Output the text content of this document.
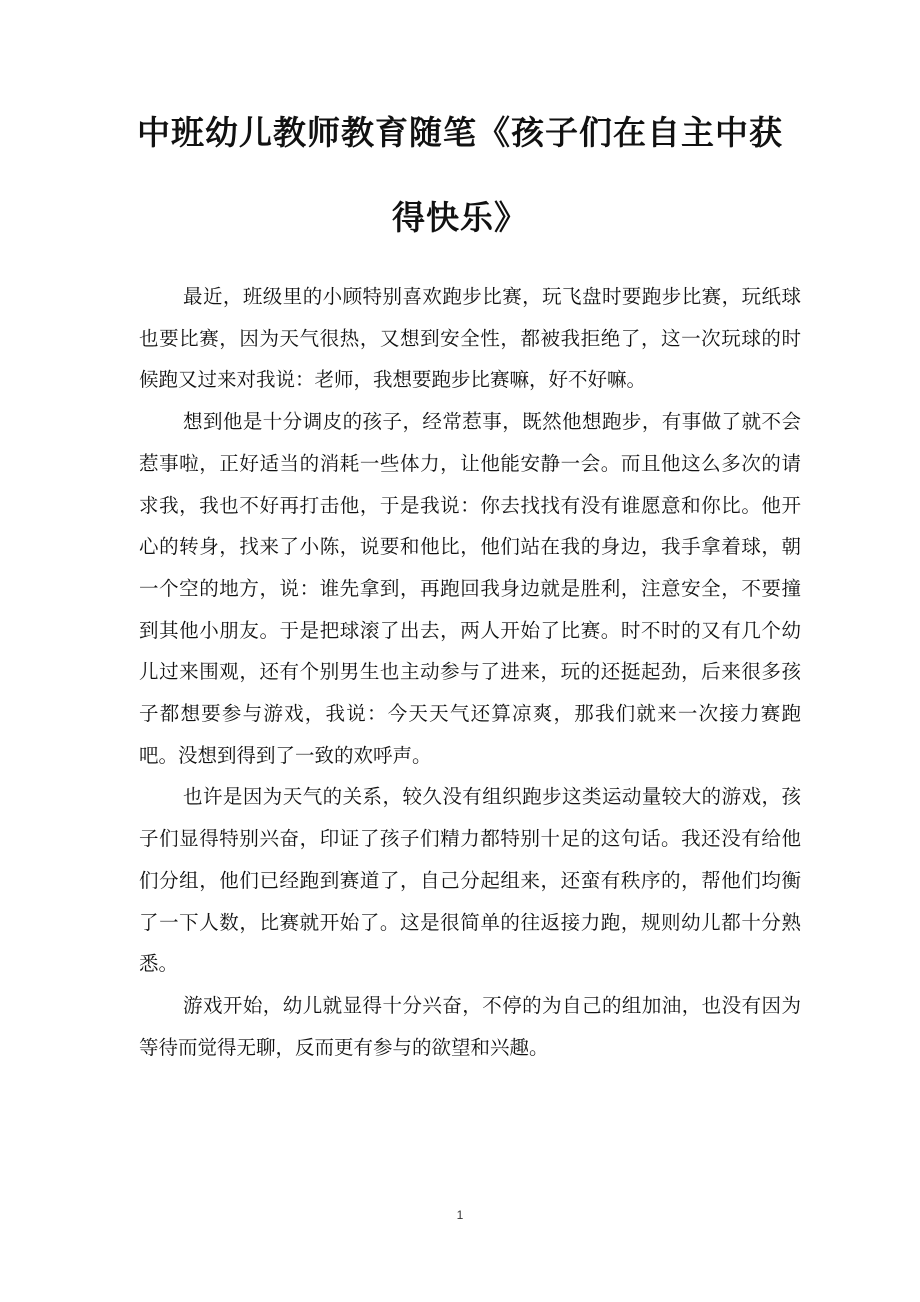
中班幼儿教师教育随笔《孩子们在自主中获
得快乐》

最近，班级里的小顾特别喜欢跑步比赛，玩飞盘时要跑步比赛，玩纸球也要比赛，因为天气很热，又想到安全性，都被我拒绝了，这一次玩球的时候跑又过来对我说：老师，我想要跑步比赛嘛，好不好嘛。

想到他是十分调皮的孩子，经常惹事，既然他想跑步，有事做了就不会惹事啦，正好适当的消耗一些体力，让他能安静一会。而且他这么多次的请求我，我也不好再打击他，于是我说：你去找找有没有谁愿意和你比。他开心的转身，找来了小陈，说要和他比，他们站在我的身边，我手拿着球，朝一个空的地方，说：谁先拿到，再跑回我身边就是胜利，注意安全，不要撞到其他小朋友。于是把球滚了出去，两人开始了比赛。时不时的又有几个幼儿过来围观，还有个别男生也主动参与了进来，玩的还挺起劲，后来很多孩子都想要参与游戏，我说：今天天气还算凉爽，那我们就来一次接力赛跑吧。没想到得到了一致的欢呼声。

也许是因为天气的关系，较久没有组织跑步这类运动量较大的游戏，孩子们显得特别兴奋，印证了孩子们精力都特别十足的这句话。我还没有给他们分组，他们已经跑到赛道了，自己分起组来，还蛮有秩序的，帮他们均衡了一下人数，比赛就开始了。这是很简单的往返接力跑，规则幼儿都十分熟悉。

游戏开始，幼儿就显得十分兴奋，不停的为自己的组加油，也没有因为等待而觉得无聊，反而更有参与的欲望和兴趣。

1
